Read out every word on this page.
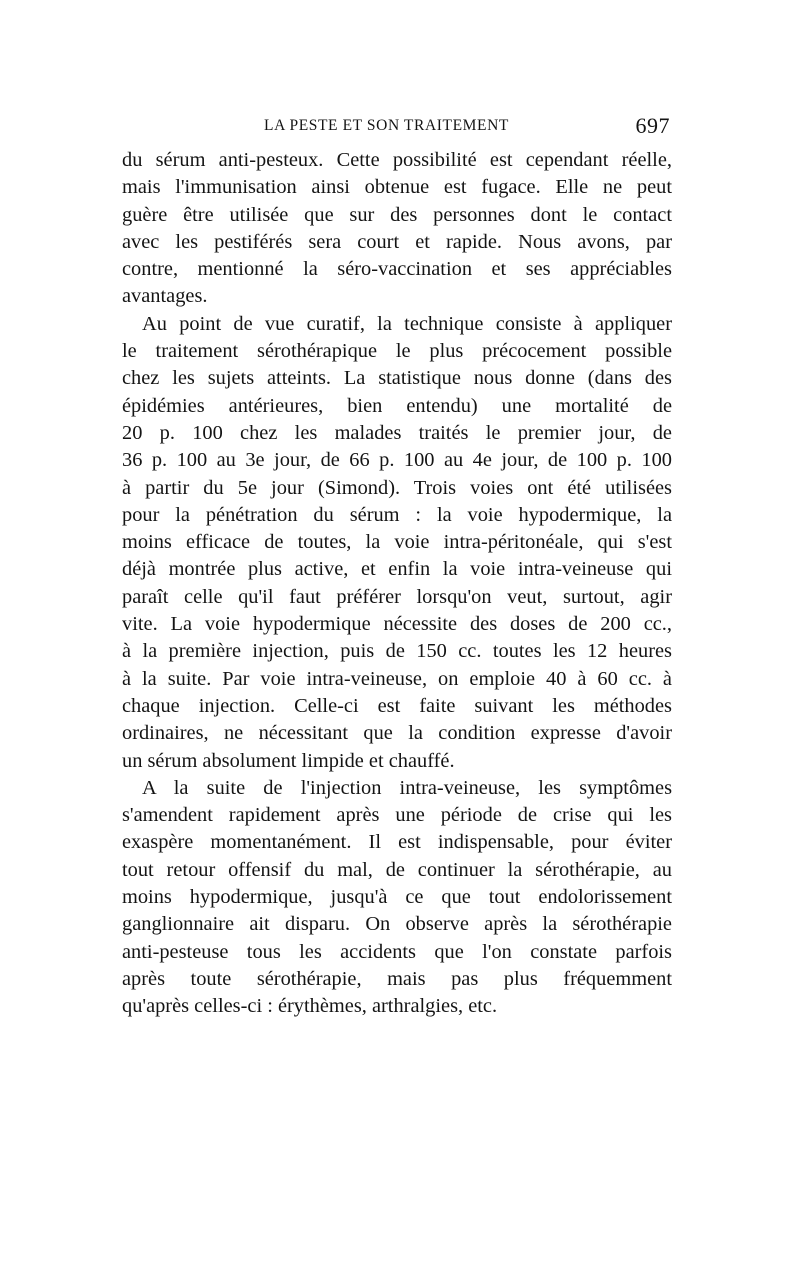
LA PESTE ET SON TRAITEMENT	697
du sérum anti-pesteux. Cette possibilité est cependant réelle,
mais l'immunisation ainsi obtenue est fugace. Elle ne peut
guère être utilisée que sur des personnes dont le contact
avec les pestiférés sera court et rapide. Nous avons, par
contre, mentionné la séro-vaccination et ses appréciables
avantages.
Au point de vue curatif, la technique consiste à appliquer
le traitement sérothérapique le plus précocement possible
chez les sujets atteints. La statistique nous donne (dans des
épidémies antérieures, bien entendu) une mortalité de
20 p. 100 chez les malades traités le premier jour, de
36 p. 100 au 3e jour, de 66 p. 100 au 4e jour, de 100 p. 100
à partir du 5e jour (Simond). Trois voies ont été utilisées
pour la pénétration du sérum : la voie hypodermique, la
moins efficace de toutes, la voie intra-péritonéale, qui s'est
déjà montrée plus active, et enfin la voie intra-veineuse qui
paraît celle qu'il faut préférer lorsqu'on veut, surtout, agir
vite. La voie hypodermique nécessite des doses de 200 cc.,
à la première injection, puis de 150 cc. toutes les 12 heures
à la suite. Par voie intra-veineuse, on emploie 40 à 60 cc. à
chaque injection. Celle-ci est faite suivant les méthodes
ordinaires, ne nécessitant que la condition expresse d'avoir
un sérum absolument limpide et chauffé.
A la suite de l'injection intra-veineuse, les symptômes
s'amendent rapidement après une période de crise qui les
exaspère momentanément. Il est indispensable, pour éviter
tout retour offensif du mal, de continuer la sérothérapie, au
moins hypodermique, jusqu'à ce que tout endolorissement
ganglionnaire ait disparu. On observe après la sérothérapie
anti-pesteuse tous les accidents que l'on constate parfois
après toute sérothérapie, mais pas plus fréquemment
qu'après celles-ci : érythèmes, arthralgies, etc.
